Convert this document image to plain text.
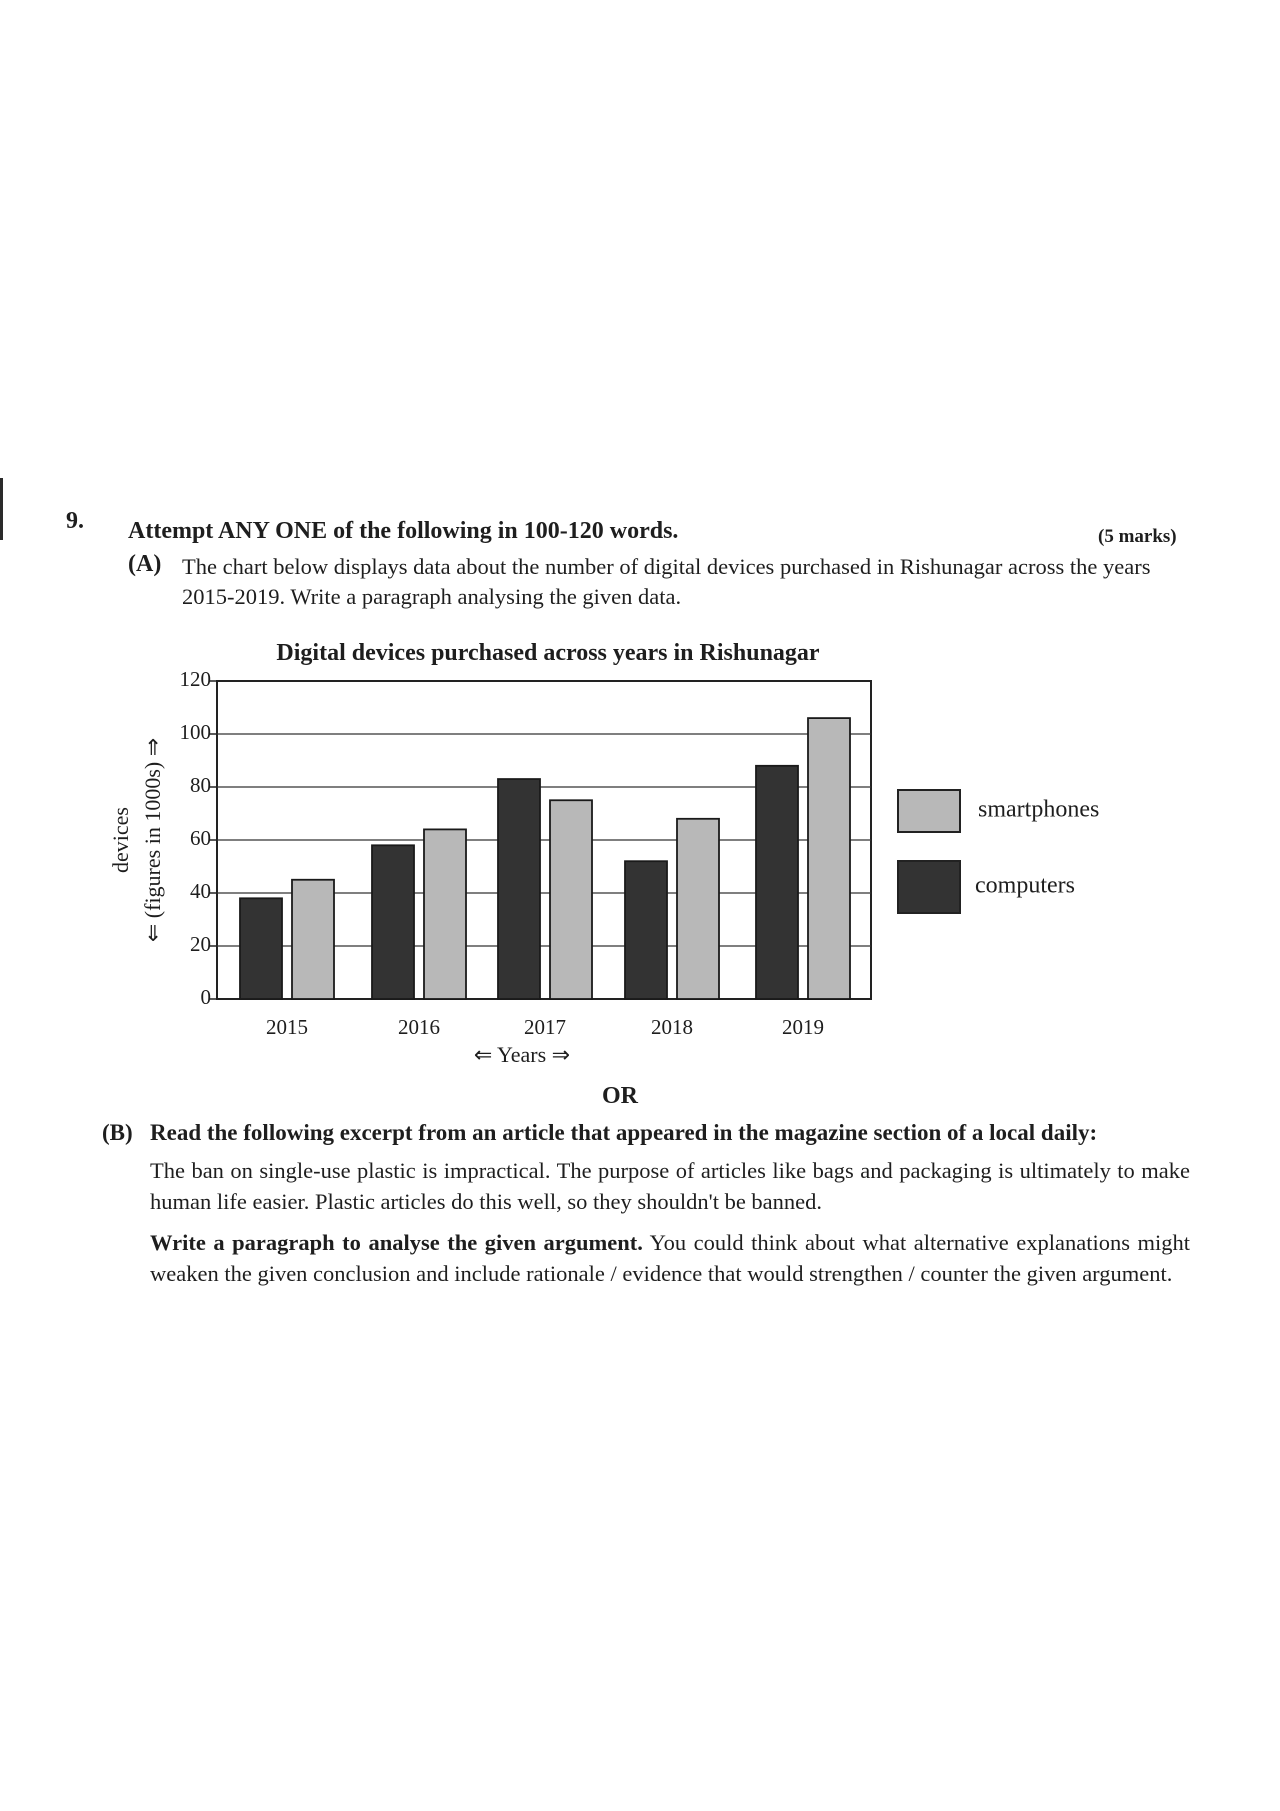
9. Attempt ANY ONE of the following in 100-120 words.	(5 marks)
(A) The chart below displays data about the number of digital devices purchased in Rishunagar across the years 2015-2019. Write a paragraph analysing the given data.
Digital devices purchased across years in Rishunagar
0
20
40
60
80
100
120
2015	2016	2017	2018	2019
devices ⇐ (figures in 1000s) ⇒
⇐ Years ⇒
smartphones
computers
OR
(B) Read the following excerpt from an article that appeared in the magazine section of a local daily:
The ban on single-use plastic is impractical. The purpose of articles like bags and packaging is ultimately to make human life easier. Plastic articles do this well, so they shouldn't be banned.
Write a paragraph to analyse the given argument. You could think about what alternative explanations might weaken the given conclusion and include rationale / evidence that would strengthen / counter the given argument.
